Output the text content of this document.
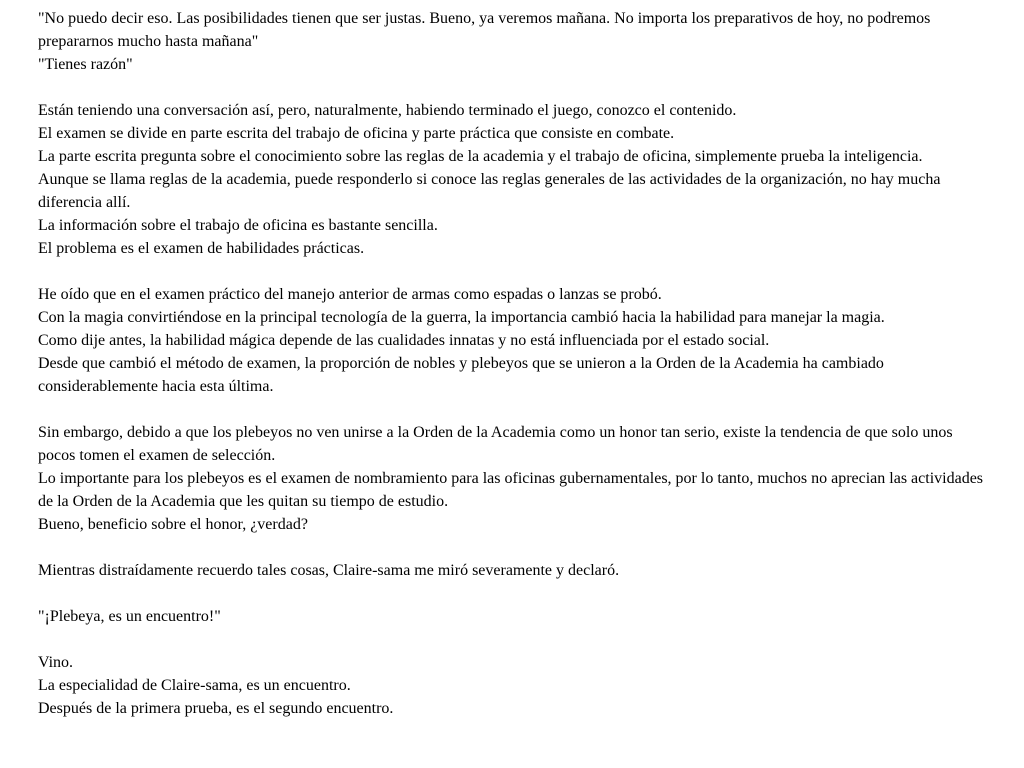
"No puedo decir eso. Las posibilidades tienen que ser justas. Bueno, ya veremos mañana. No importa los preparativos de hoy, no podremos prepararnos mucho hasta mañana"
"Tienes razón"
Están teniendo una conversación así, pero, naturalmente, habiendo terminado el juego, conozco el contenido.
El examen se divide en parte escrita del trabajo de oficina y parte práctica que consiste en combate.
La parte escrita pregunta sobre el conocimiento sobre las reglas de la academia y el trabajo de oficina, simplemente prueba la inteligencia.
Aunque se llama reglas de la academia, puede responderlo si conoce las reglas generales de las actividades de la organización, no hay mucha diferencia allí.
La información sobre el trabajo de oficina es bastante sencilla.
El problema es el examen de habilidades prácticas.
He oído que en el examen práctico del manejo anterior de armas como espadas o lanzas se probó.
Con la magia convirtiéndose en la principal tecnología de la guerra, la importancia cambió hacia la habilidad para manejar la magia.
Como dije antes, la habilidad mágica depende de las cualidades innatas y no está influenciada por el estado social.
Desde que cambió el método de examen, la proporción de nobles y plebeyos que se unieron a la Orden de la Academia ha cambiado considerablemente hacia esta última.
Sin embargo, debido a que los plebeyos no ven unirse a la Orden de la Academia como un honor tan serio, existe la tendencia de que solo unos pocos tomen el examen de selección.
Lo importante para los plebeyos es el examen de nombramiento para las oficinas gubernamentales, por lo tanto, muchos no aprecian las actividades de la Orden de la Academia que les quitan su tiempo de estudio.
Bueno, beneficio sobre el honor, ¿verdad?
Mientras distraídamente recuerdo tales cosas, Claire-sama me miró severamente y declaró.
"¡Plebeya, es un encuentro!"
Vino.
La especialidad de Claire-sama, es un encuentro.
Después de la primera prueba, es el segundo encuentro.
